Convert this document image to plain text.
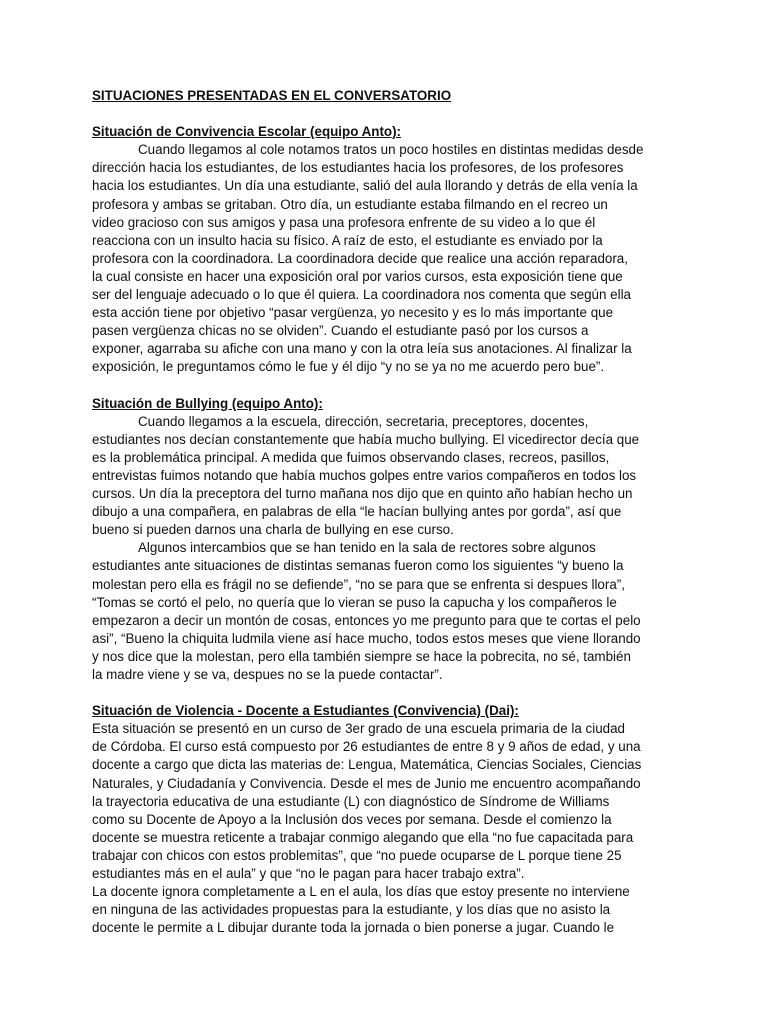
SITUACIONES PRESENTADAS EN EL CONVERSATORIO
Situación de Convivencia Escolar (equipo Anto):
Cuando llegamos al cole notamos tratos un poco hostiles en distintas medidas desde
dirección hacia los estudiantes, de los estudiantes hacia los profesores, de los profesores
hacia los estudiantes. Un día una estudiante, salió del aula llorando y detrás de ella venía la
profesora y ambas se gritaban. Otro día, un estudiante estaba filmando en el recreo un
video gracioso con sus amigos y pasa una profesora enfrente de su video a lo que él
reacciona con un insulto hacia su físico. A raíz de esto, el estudiante es enviado por la
profesora con la coordinadora. La coordinadora decide que realice una acción reparadora,
la cual consiste en hacer una exposición oral por varios cursos, esta exposición tiene que
ser del lenguaje adecuado o lo que él quiera. La coordinadora nos comenta que según ella
esta acción tiene por objetivo “pasar vergüenza, yo necesito y es lo más importante que
pasen vergüenza chicas no se olviden”. Cuando el estudiante pasó por los cursos a
exponer, agarraba su afiche con una mano y con la otra leía sus anotaciones. Al finalizar la
exposición, le preguntamos cómo le fue y él dijo “y no se ya no me acuerdo pero bue”.
Situación de Bullying (equipo Anto):
Cuando llegamos a la escuela, dirección, secretaria, preceptores, docentes,
estudiantes nos decían constantemente que había mucho bullying. El vicedirector decía que
es la problemática principal. A medida que fuimos observando clases, recreos, pasillos,
entrevistas fuimos notando que había muchos golpes entre varios compañeros en todos los
cursos. Un día la preceptora del turno mañana nos dijo que en quinto año habían hecho un
dibujo a una compañera, en palabras de ella “le hacían bullying antes por gorda”, así que
bueno si pueden darnos una charla de bullying en ese curso.
Algunos intercambios que se han tenido en la sala de rectores sobre algunos
estudiantes ante situaciones de distintas semanas fueron como los siguientes “y bueno la
molestan pero ella es frágil no se defiende”, “no se para que se enfrenta si despues llora”,
“Tomas se cortó el pelo, no quería que lo vieran se puso la capucha y los compañeros le
empezaron a decir un montón de cosas, entonces yo me pregunto para que te cortas el pelo
asi”, “Bueno la chiquita ludmila viene así hace mucho, todos estos meses que viene llorando
y nos dice que la molestan, pero ella también siempre se hace la pobrecita, no sé, también
la madre viene y se va, despues no se la puede contactar”.
Situación de Violencia - Docente a Estudiantes (Convivencia) (Dai):
Esta situación se presentó en un curso de 3er grado de una escuela primaria de la ciudad
de Córdoba. El curso está compuesto por 26 estudiantes de entre 8 y 9 años de edad, y una
docente a cargo que dicta las materias de: Lengua, Matemática, Ciencias Sociales, Ciencias
Naturales, y Ciudadanía y Convivencia. Desde el mes de Junio me encuentro acompañando
la trayectoria educativa de una estudiante (L) con diagnóstico de Síndrome de Williams
como su Docente de Apoyo a la Inclusión dos veces por semana. Desde el comienzo la
docente se muestra reticente a trabajar conmigo alegando que ella “no fue capacitada para
trabajar con chicos con estos problemitas”, que “no puede ocuparse de L porque tiene 25
estudiantes más en el aula” y que “no le pagan para hacer trabajo extra”.
La docente ignora completamente a L en el aula, los días que estoy presente no interviene
en ninguna de las actividades propuestas para la estudiante, y los días que no asisto la
docente le permite a L dibujar durante toda la jornada o bien ponerse a jugar. Cuando le
